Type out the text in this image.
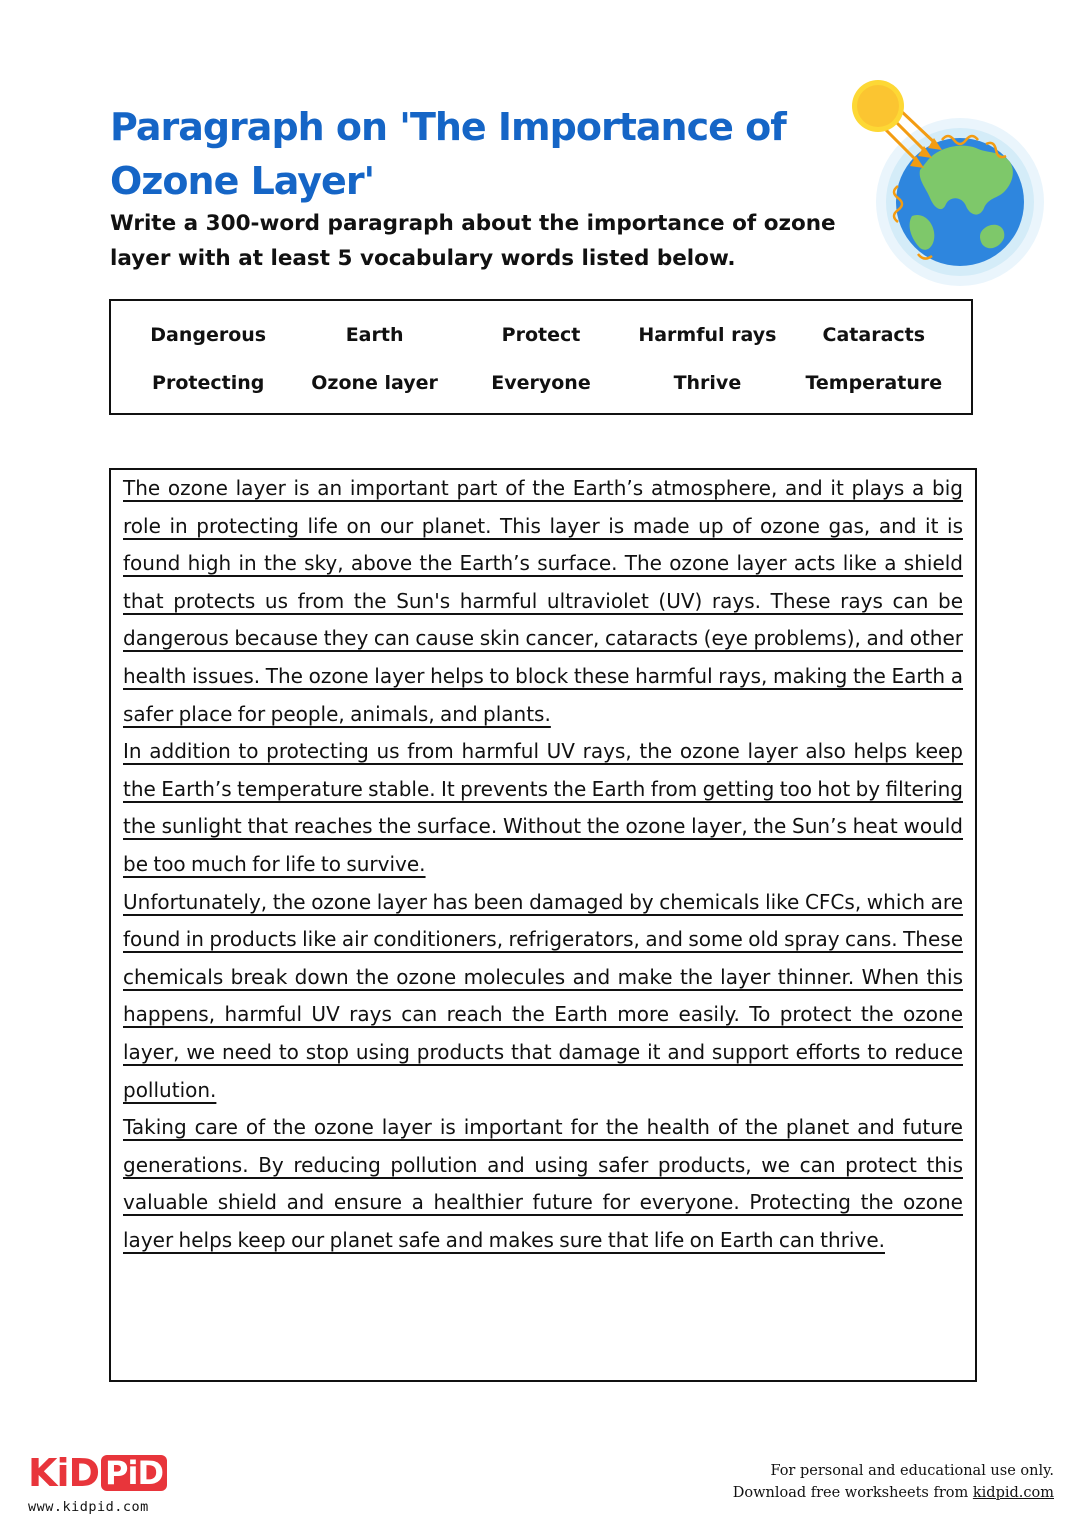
Paragraph on 'The Importance of Ozone Layer'

Write a 300-word paragraph about the importance of ozone layer with at least 5 vocabulary words listed below.

Dangerous	Earth	Protect	Harmful rays	Cataracts
Protecting	Ozone layer	Everyone	Thrive	Temperature

The ozone layer is an important part of the Earth’s atmosphere, and it plays a big role in protecting life on our planet. This layer is made up of ozone gas, and it is found high in the sky, above the Earth’s surface. The ozone layer acts like a shield that protects us from the Sun's harmful ultraviolet (UV) rays. These rays can be dangerous because they can cause skin cancer, cataracts (eye problems), and other health issues. The ozone layer helps to block these harmful rays, making the Earth a safer place for people, animals, and plants.

In addition to protecting us from harmful UV rays, the ozone layer also helps keep the Earth’s temperature stable. It prevents the Earth from getting too hot by filtering the sunlight that reaches the surface. Without the ozone layer, the Sun’s heat would be too much for life to survive.

Unfortunately, the ozone layer has been damaged by chemicals like CFCs, which are found in products like air conditioners, refrigerators, and some old spray cans. These chemicals break down the ozone molecules and make the layer thinner. When this happens, harmful UV rays can reach the Earth more easily. To protect the ozone layer, we need to stop using products that damage it and support efforts to reduce pollution.

Taking care of the ozone layer is important for the health of the planet and future generations. By reducing pollution and using safer products, we can protect this valuable shield and ensure a healthier future for everyone. Protecting the ozone layer helps keep our planet safe and makes sure that life on Earth can thrive.

KiD PiD
www.kidpid.com
For personal and educational use only.
Download free worksheets from kidpid.com
